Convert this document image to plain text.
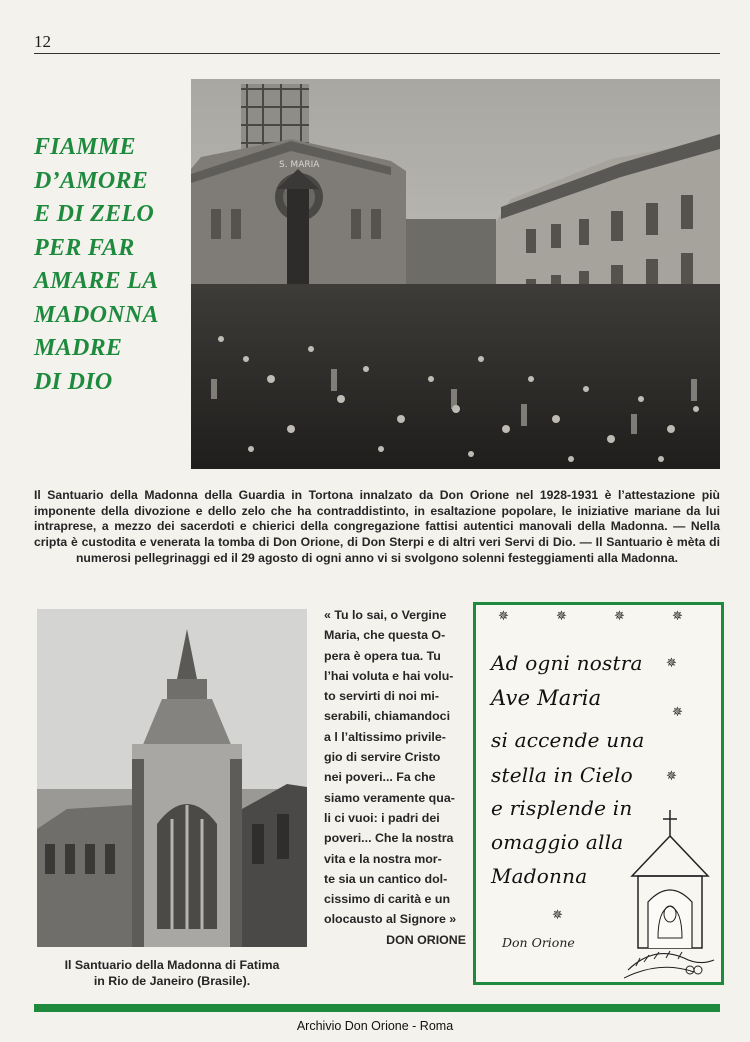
12
FIAMME
D’AMORE
E DI ZELO
PER FAR
AMARE LA
MADONNA
MADRE
DI DIO
S. MARIA
Il Santuario della Madonna della Guardia in Tortona innalzato da Don Orione nel 1928-1931 è l’attestazione più imponente della divozione e dello zelo che ha contraddistinto, in esaltazione popolare, le iniziative mariane da lui intraprese, a mezzo dei sacerdoti e chierici della congregazione fattisi autentici manovali della Madonna. — Nella cripta è custodita e venerata la tomba di Don Orione, di Don Sterpi e di altri veri Servi di Dio. — Il Santuario è mèta di numerosi pellegrinaggi ed il 29 agosto di ogni anno vi si svolgono solenni festeggiamenti alla Madonna.
Il Santuario della Madonna di Fatima
in Rio de Janeiro (Brasile).
« Tu lo sai, o Vergine
Maria, che questa O-
pera è opera tua. Tu
l’hai voluta e hai volu-
to servirti di noi mi-
serabili, chiamandoci
a l l’altissimo privile-
gio di servire Cristo
nei poveri... Fa che
siamo veramente qua-
li ci vuoi: i padri dei
poveri... Che la nostra
vita e la nostra mor-
te sia un cantico dol-
cissimo di carità e un
olocausto al Signore »
DON ORIONE
✵	✵	✵	✵
Ad ogni nostra ✵
Ave Maria
✵
si accende una
stella in Cielo	✵
e risplende in
omaggio alla
Madonna
✵
Don Orione
Archivio Don Orione - Roma
